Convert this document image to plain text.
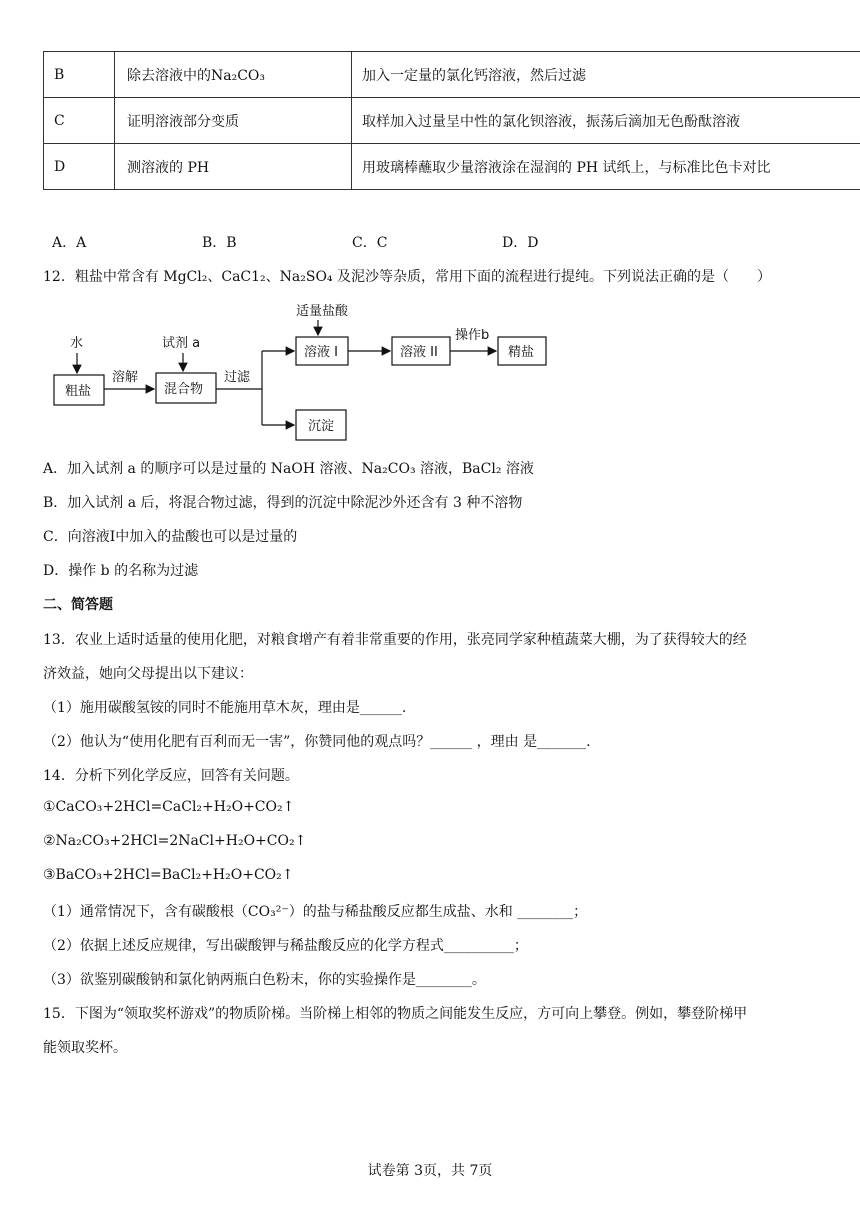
B	除去溶液中的Na₂CO₃	加入一定量的氯化钙溶液，然后过滤
C	证明溶液部分变质	取样加入过量呈中性的氯化钡溶液，振荡后滴加无色酚酞溶液
D	测溶液的 PH	用玻璃棒蘸取少量溶液涂在湿润的 PH 试纸上，与标准比色卡对比
A．A	B．B	C．C	D．D
12．粗盐中常含有 MgCl₂、CaC1₂、Na₂SO₄ 及泥沙等杂质，常用下面的流程进行提纯。下列说法正确的是（　　）
水
粗盐
溶解
试剂 a
混合物
过滤
适量盐酸
溶液 I	溶液 II
操作b
精盐
沉淀
A．加入试剂 a 的顺序可以是过量的 NaOH 溶液、Na₂CO₃ 溶液，BaCl₂ 溶液
B．加入试剂 a 后，将混合物过滤，得到的沉淀中除泥沙外还含有 3 种不溶物
C．向溶液I中加入的盐酸也可以是过量的
D．操作 b 的名称为过滤
二、简答题
13．农业上适时适量的使用化肥，对粮食增产有着非常重要的作用，张亮同学家种植蔬菜大棚，为了获得较大的经
济效益，她向父母提出以下建议：
（1）施用碳酸氢铵的同时不能施用草木灰，理由是______.
（2）他认为“使用化肥有百利而无一害”，你赞同他的观点吗？______ ，理由 是_______.
14．分析下列化学反应，回答有关问题。
①CaCO₃+2HCl=CaCl₂+H₂O+CO₂↑
②Na₂CO₃+2HCl=2NaCl+H₂O+CO₂↑
③BaCO₃+2HCl=BaCl₂+H₂O+CO₂↑
（1）通常情况下，含有碳酸根（CO₃²⁻）的盐与稀盐酸反应都生成盐、水和 ________；
（2）依据上述反应规律，写出碳酸钾与稀盐酸反应的化学方程式__________；
（3）欲鉴别碳酸钠和氯化钠两瓶白色粉末，你的实验操作是________。
15．下图为“领取奖杯游戏”的物质阶梯。当阶梯上相邻的物质之间能发生反应，方可向上攀登。例如，攀登阶梯甲
能领取奖杯。
试卷第 3页，共 7页
